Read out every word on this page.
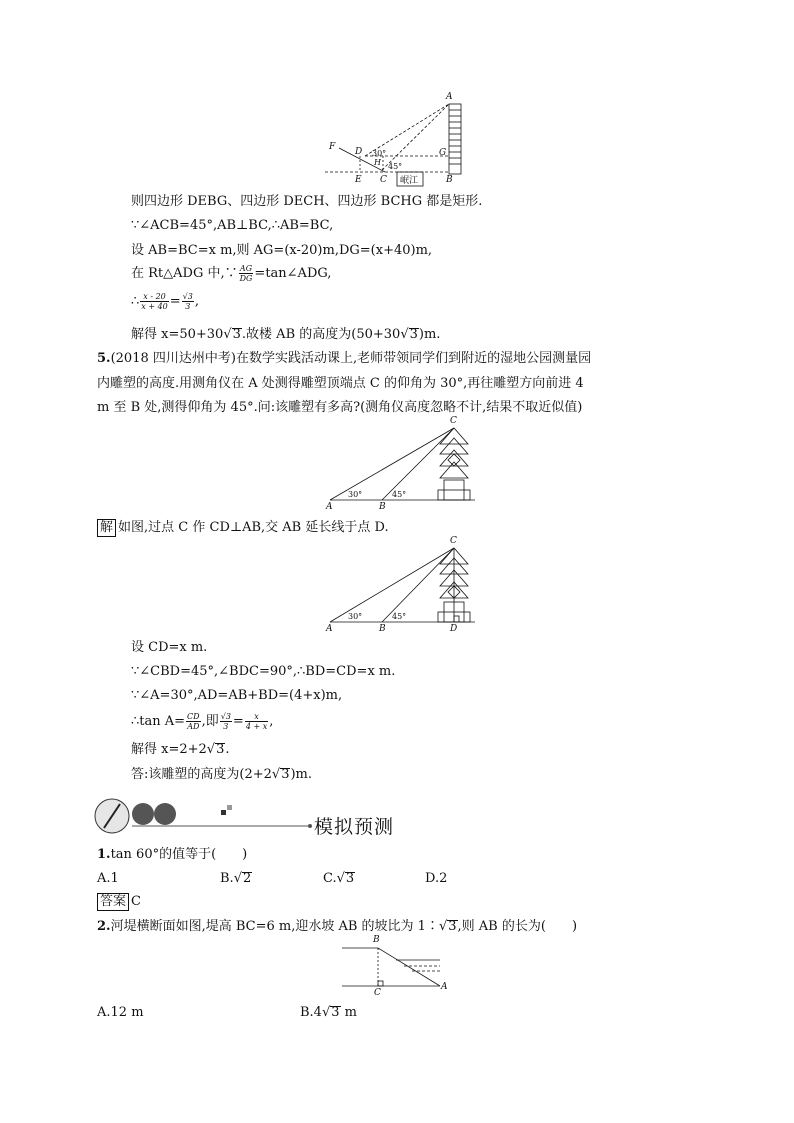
A
F D 30°
H 45°
G
E C 岷江	B
则四边形 DEBG、四边形 DECH、四边形 BCHG 都是矩形.
∵∠ACB=45°,AB⊥BC,∴AB=BC,
设 AB=BC=x m,则 AG=(x-20)m,DG=(x+40)m,
在 Rt△ADG 中,∵ $\frac{AG}{DG}$ =tan∠ADG,
∴ $\frac{x - 20}{x + 40} = \frac{√3}{3}$ ,
解得 x=50+30√3.故楼 AB 的高度为(50+30√3)m.
5.(2018 四川达州中考)在数学实践活动课上,老师带领同学们到附近的湿地公园测量园
内雕塑的高度.用测角仪在 A 处测得雕塑顶端点 C 的仰角为 30°,再往雕塑方向前进 4
m 至 B 处,测得仰角为 45°.问:该雕塑有多高?(测角仪高度忽略不计,结果不取近似值)
C
30°	45°
A	B
解 如图,过点 C 作 CD⊥AB,交 AB 延长线于点 D.
C
30°	45°
A	B	D
设 CD=x m.
∵∠CBD=45°,∠BDC=90°,∴BD=CD=x m.
∵∠A=30°,AD=AB+BD=(4+x)m,
∴tan $A= \frac{CD}{AD}$ ,即 $\frac{√3}{3} = \frac{x}{4 + x}$ ,
解得 x=2+2√3.
答:该雕塑的高度为(2+2√3)m.
模拟预测
1.tan 60°的值等于(　　)
A.1	B.√2	C.√3	D.2
答案 C
2.河堤横断面如图,堤高 BC=6 m,迎水坡 AB 的坡比为 1∶√3,则 AB 的长为(　　)
B
C
A
A.12 m	B.4√3 m
